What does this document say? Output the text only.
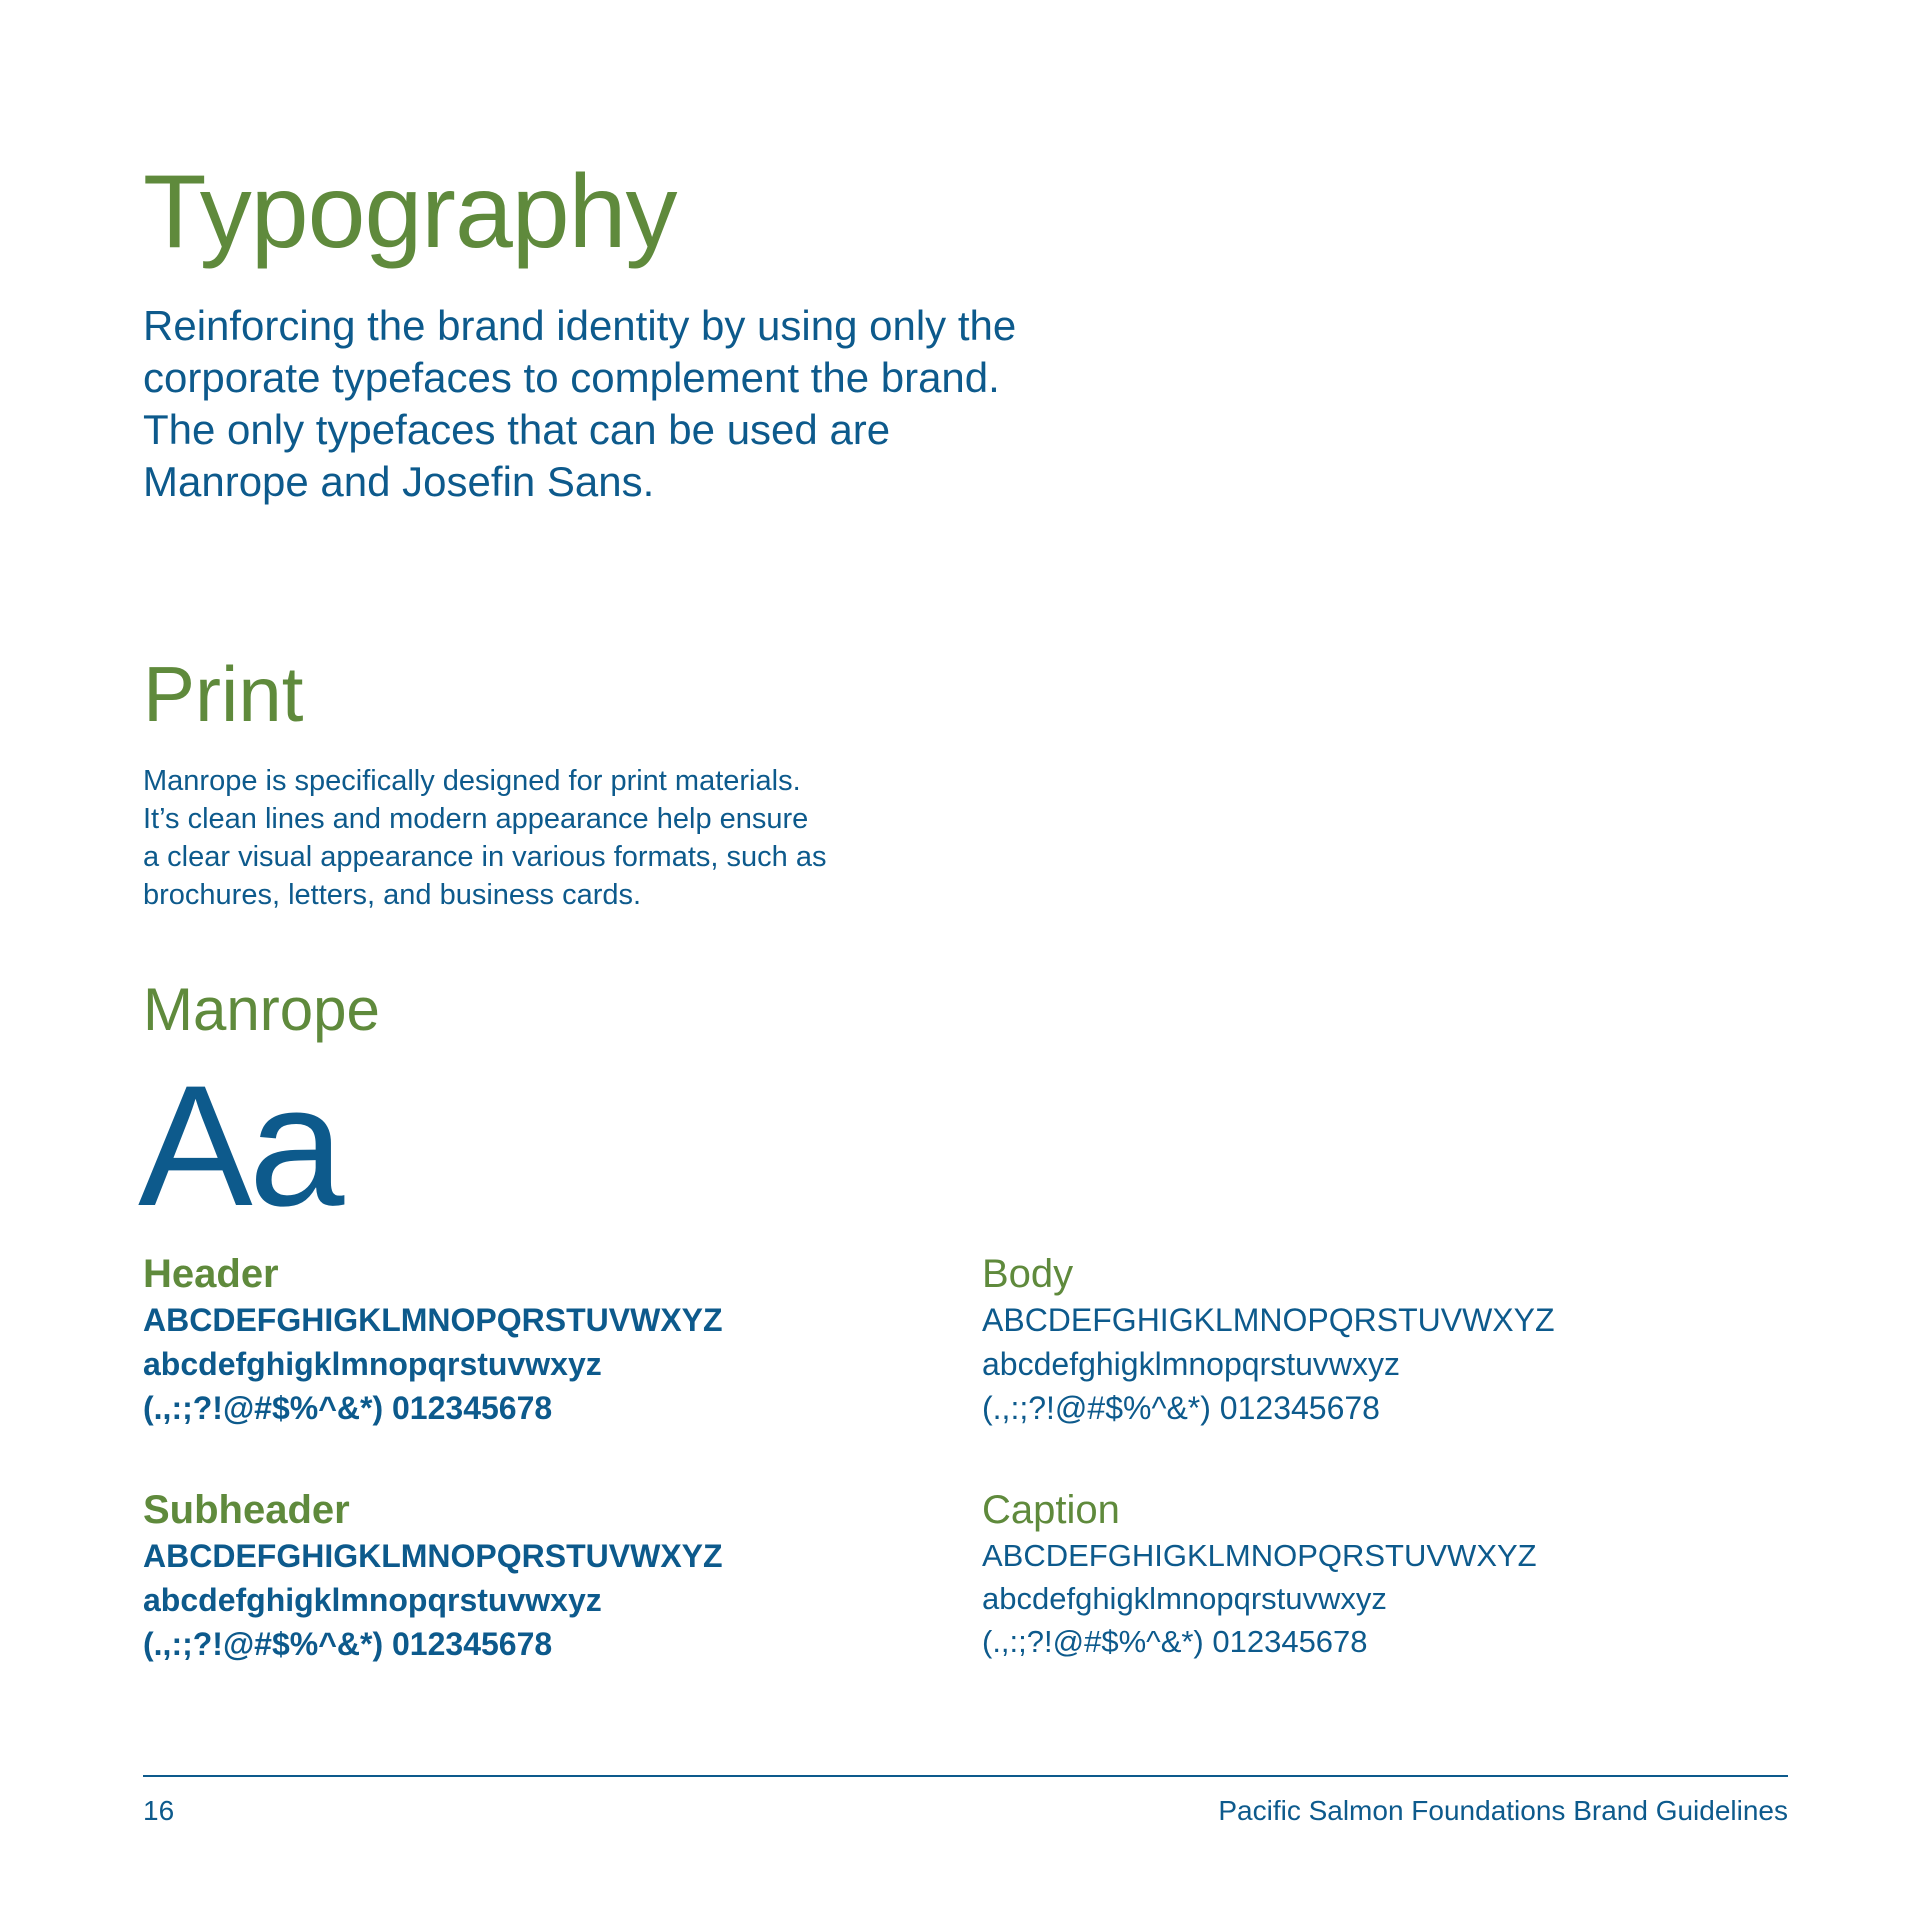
Typography

Reinforcing the brand identity by using only the
corporate typefaces to complement the brand.
The only typefaces that can be used are
Manrope and Josefin Sans.

Print

Manrope is specifically designed for print materials.
It’s clean lines and modern appearance help ensure
a clear visual appearance in various formats, such as
brochures, letters, and business cards.

Manrope
Aa

Header

ABCDEFGHIGKLMNOPQRSTUVWXYZ
abcdefghigklmnopqrstuvwxyz
(.,:;?!@#$%^&*) 012345678

Subheader

ABCDEFGHIGKLMNOPQRSTUVWXYZ
abcdefghigklmnopqrstuvwxyz
(.,:;?!@#$%^&*) 012345678

Body

ABCDEFGHIGKLMNOPQRSTUVWXYZ
abcdefghigklmnopqrstuvwxyz
(.,:;?!@#$%^&*) 012345678

Caption

ABCDEFGHIGKLMNOPQRSTUVWXYZ
abcdefghigklmnopqrstuvwxyz
(.,:;?!@#$%^&*) 012345678
16	Pacific Salmon Foundations Brand Guidelines
